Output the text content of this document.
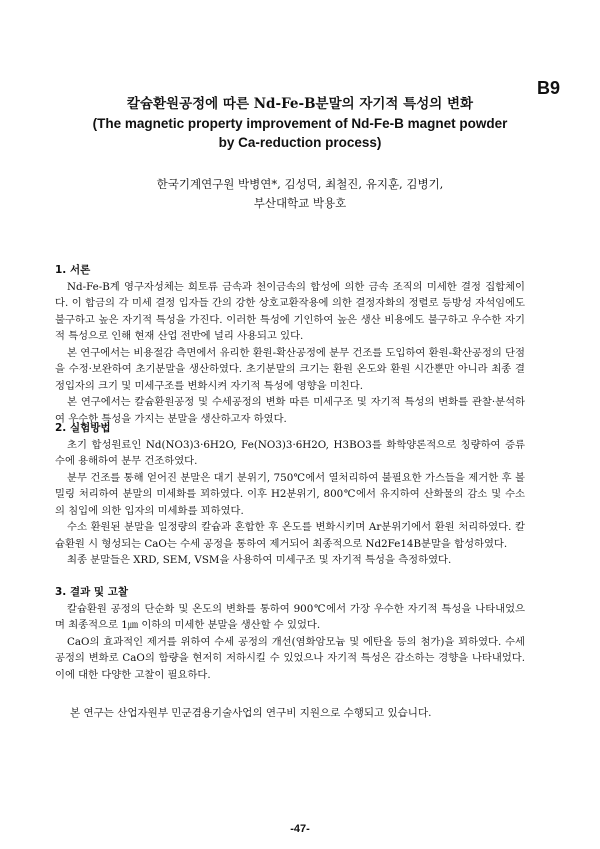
B9
칼슘환원공정에 따른 Nd-Fe-B분말의 자기적 특성의 변화
(The magnetic property improvement of Nd-Fe-B magnet powder
by Ca-reduction process)
한국기계연구원 박병연*, 김성덕, 최철진, 유지훈, 김병기,
부산대학교 박용호
1. 서론

Nd-Fe-B계 영구자성체는 희토류 금속과 천이금속의 합성에 의한 금속 조직의 미세한 결정 집합체이다. 이 합금의 각 미세 결정 입자들 간의 강한 상호교환작용에 의한 결정자화의 정렬로 등방성 자석임에도 불구하고 높은 자기적 특성을 가진다. 이러한 특성에 기인하여 높은 생산 비용에도 불구하고 우수한 자기적 특성으로 인해 현재 산업 전반에 널리 사용되고 있다.

본 연구에서는 비용절감 측면에서 유리한 환원-확산공정에 분무 건조를 도입하여 환원-확산공정의 단점을 수정·보완하여 초기분말을 생산하였다. 초기분말의 크기는 환원 온도와 환원 시간뿐만 아니라 최종 결정입자의 크기 및 미세구조를 변화시켜 자기적 특성에 영향을 미친다.

본 연구에서는 칼슘환원공정 및 수세공정의 변화 따른 미세구조 및 자기적 특성의 변화를 관찰·분석하여 우수한 특성을 가지는 분말을 생산하고자 하였다.

2. 실험방법

초기 합성원료인 Nd(NO3)3·6H2O, Fe(NO3)3·6H2O, H3BO3를 화학양론적으로 칭량하여 증류수에 용해하여 분무 건조하였다.

분무 건조를 통해 얻어진 분말은 대기 분위기, 750℃에서 열처리하여 불필요한 가스들을 제거한 후 볼 밀링 처리하여 분말의 미세화를 꾀하였다. 이후 H2분위기, 800℃에서 유지하여 산화물의 감소 및 수소의 침입에 의한 입자의 미세화를 꾀하였다.

수소 환원된 분말을 일정량의 칼슘과 혼합한 후 온도를 변화시키며 Ar분위기에서 환원 처리하였다. 칼슘환원 시 형성되는 CaO는 수세 공정을 통하여 제거되어 최종적으로 Nd2Fe14B분말을 합성하였다.

최종 분말들은 XRD, SEM, VSM을 사용하여 미세구조 및 자기적 특성을 측정하였다.

3. 결과 및 고찰

칼슘환원 공정의 단순화 및 온도의 변화를 통하여 900℃에서 가장 우수한 자기적 특성을 나타내었으며 최종적으로 1㎛ 이하의 미세한 분말을 생산할 수 있었다.

CaO의 효과적인 제거를 위하여 수세 공정의 개선(염화암모늄 및 에탄올 등의 첨가)을 꾀하였다. 수세 공정의 변화로 CaO의 함량을 현저히 저하시킬 수 있었으나 자기적 특성은 감소하는 경향을 나타내었다. 이에 대한 다양한 고찰이 필요하다.

본 연구는 산업자원부 민군겸용기술사업의 연구비 지원으로 수행되고 있습니다.
-47-
